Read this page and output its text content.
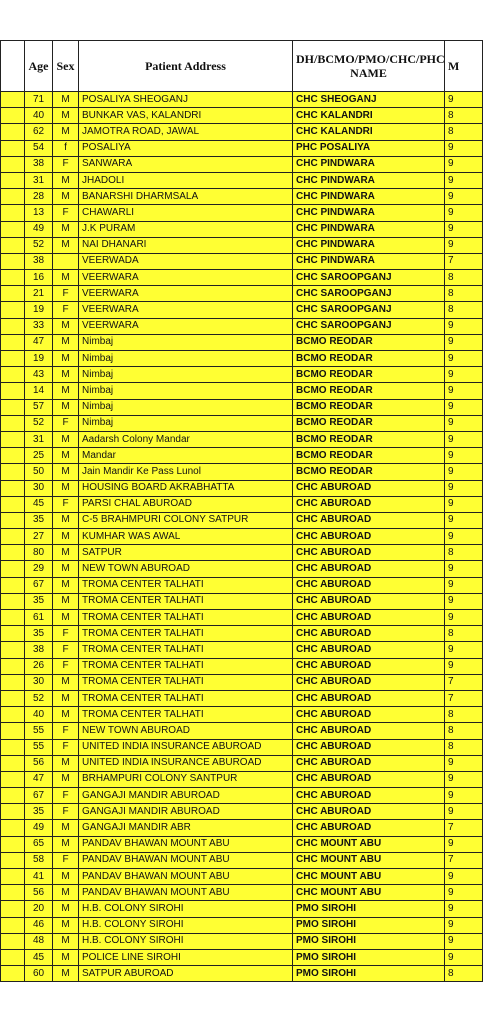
	Age	Sex	Patient Address	DH/BCMO/PMO/CHC/PHC NAME	M
	71	M	POSALIYA SHEOGANJ	CHC SHEOGANJ	9
	40	M	BUNKAR VAS, KALANDRI	CHC KALANDRI	8
	62	M	JAMOTRA ROAD, JAWAL	CHC KALANDRI	8
	54	f	POSALIYA	PHC POSALIYA	9
	38	F	SANWARA	CHC PINDWARA	9
	31	M	JHADOLI	CHC PINDWARA	9
	28	M	BANARSHI DHARMSALA	CHC PINDWARA	9
	13	F	CHAWARLI	CHC PINDWARA	9
	49	M	J.K PURAM	CHC PINDWARA	9
	52	M	NAI DHANARI	CHC PINDWARA	9
	38		VEERWADA	CHC PINDWARA	7
	16	M	VEERWARA	CHC SAROOPGANJ	8
	21	F	VEERWARA	CHC SAROOPGANJ	8
	19	F	VEERWARA	CHC SAROOPGANJ	8
	33	M	VEERWARA	CHC SAROOPGANJ	9
	47	M	Nimbaj	BCMO REODAR	9
	19	M	Nimbaj	BCMO REODAR	9
	43	M	Nimbaj	BCMO REODAR	9
	14	M	Nimbaj	BCMO REODAR	9
	57	M	Nimbaj	BCMO REODAR	9
	52	F	Nimbaj	BCMO REODAR	9
	31	M	Aadarsh Colony Mandar	BCMO REODAR	9
	25	M	Mandar	BCMO REODAR	9
	50	M	Jain Mandir Ke Pass Lunol	BCMO REODAR	9
	30	M	HOUSING BOARD AKRABHATTA	CHC ABUROAD	9
	45	F	PARSI CHAL ABUROAD	CHC ABUROAD	9
	35	M	C-5 BRAHMPURI COLONY SATPUR	CHC ABUROAD	9
	27	M	KUMHAR WAS AWAL	CHC ABUROAD	9
	80	M	SATPUR	CHC ABUROAD	8
	29	M	NEW TOWN ABUROAD	CHC ABUROAD	9
	67	M	TROMA CENTER TALHATI	CHC ABUROAD	9
	35	M	TROMA CENTER TALHATI	CHC ABUROAD	9
	61	M	TROMA CENTER TALHATI	CHC ABUROAD	9
	35	F	TROMA CENTER TALHATI	CHC ABUROAD	8
	38	F	TROMA CENTER TALHATI	CHC ABUROAD	9
	26	F	TROMA CENTER TALHATI	CHC ABUROAD	9
	30	M	TROMA CENTER TALHATI	CHC ABUROAD	7
	52	M	TROMA CENTER TALHATI	CHC ABUROAD	7
	40	M	TROMA CENTER TALHATI	CHC ABUROAD	8
	55	F	NEW TOWN ABUROAD	CHC ABUROAD	8
	55	F	UNITED INDIA INSURANCE ABUROAD	CHC ABUROAD	8
	56	M	UNITED INDIA INSURANCE ABUROAD	CHC ABUROAD	9
	47	M	BRHAMPURI COLONY SANTPUR	CHC ABUROAD	9
	67	F	GANGAJI MANDIR ABUROAD	CHC ABUROAD	9
	35	F	GANGAJI MANDIR ABUROAD	CHC ABUROAD	9
	49	M	GANGAJI MANDIR ABR	CHC ABUROAD	7
	65	M	PANDAV BHAWAN MOUNT ABU	CHC MOUNT ABU	9
	58	F	PANDAV BHAWAN MOUNT ABU	CHC MOUNT ABU	7
	41	M	PANDAV BHAWAN MOUNT ABU	CHC MOUNT ABU	9
	56	M	PANDAV BHAWAN MOUNT ABU	CHC MOUNT ABU	9
	20	M	H.B. COLONY SIROHI	PMO SIROHI	9
	46	M	H.B. COLONY SIROHI	PMO SIROHI	9
	48	M	H.B. COLONY SIROHI	PMO SIROHI	9
	45	M	POLICE LINE SIROHI	PMO SIROHI	9
	60	M	SATPUR ABUROAD	PMO SIROHI	8
